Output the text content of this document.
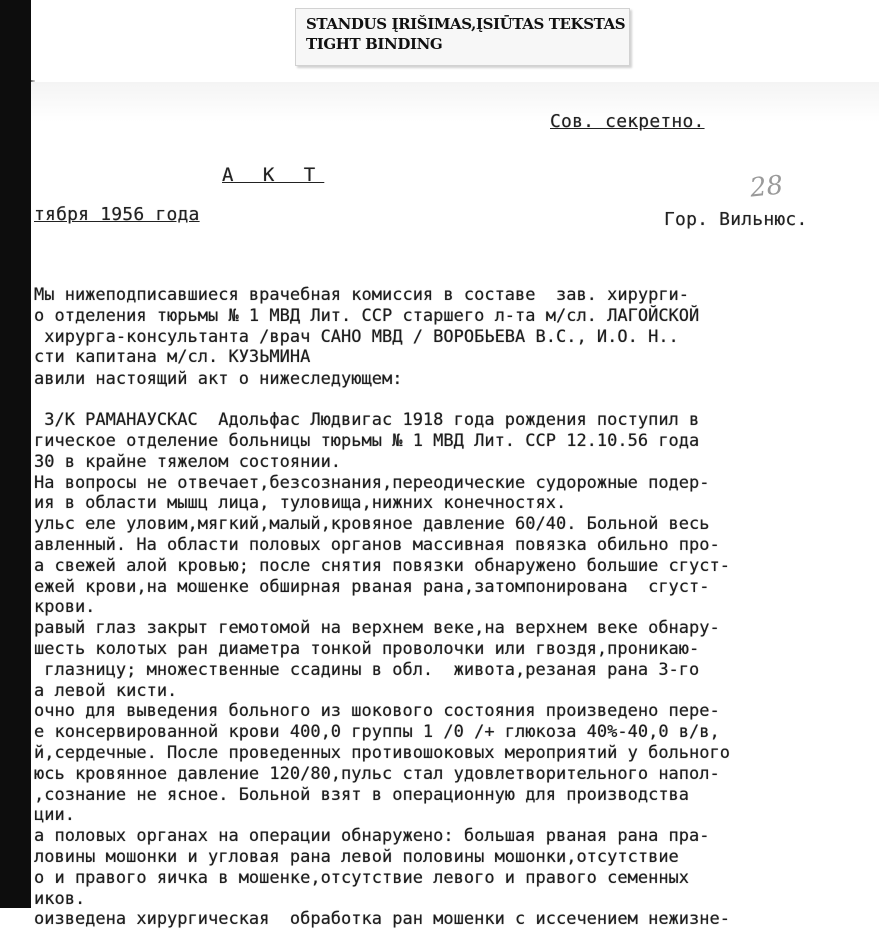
STANDUS ĮRIŠIMAS,ĮSIŪTAS TEKSTAS
TIGHT BINDING
Сов. секретно.
А К Т	28
тября 1956 года	Гор. Вильнюс.
Мы нижеподписавшиеся врачебная комиссия в составе  зав. хирурги-
о отделения тюрьмы № 1 МВД Лит. ССР старшего л-та м/сл. ЛАГОЙСКОЙ
хирурга-консультанта /врач САНО МВД / ВОРОБЬЕВА В.С., И.О. Н..
сти капитана м/сл. КУЗЬМИНА
авили настоящий акт о нижеследующем:
З/К РАМАНАУСКАС  Адольфас Людвигас 1918 года рождения поступил в
гическое отделение больницы тюрьмы № 1 МВД Лит. ССР 12.10.56 года
30 в крайне тяжелом состоянии.
На вопросы не отвечает,безсознания,переодические судорожные подер-
ия в области мышц лица, туловища,нижних конечностях.
ульс еле уловим,мягкий,малый,кровяное давление 60/40. Больной весь
авленный. На области половых органов массивная повязка обильно про-
а свежей алой кровью; после снятия повязки обнаружено большие сгуст-
ежей крови,на мошенке обширная рваная рана,затомпонирована  сгуст-
крови.
равый глаз закрыт гемотомой на верхнем веке,на верхнем веке обнару-
шесть колотых ран диаметра тонкой проволочки или гвоздя,проникаю-
глазницу; множественные ссадины в обл.  живота,резаная рана 3-го
а левой кисти.
очно для выведения больного из шокового состояния произведено пере-
е консервированной крови 400,0 группы 1 /0 /+ глюкоза 40%-40,0 в/в,
й,сердечные. После проведенных противошоковых мероприятий у больного
юсь кровянное давление 120/80,пульс стал удовлетворительного напол-
,сознание не ясное. Больной взят в операционную для производства
ции.
а половых органах на операции обнаружено: большая рваная рана пра-
ловины мошонки и угловая рана левой половины мошонки,отсутствие
о и правого яичка в мошенке,отсутствие левого и правого семенных
иков.
оизведена хирургическая  обработка ран мошенки с иссечением нежизне-
